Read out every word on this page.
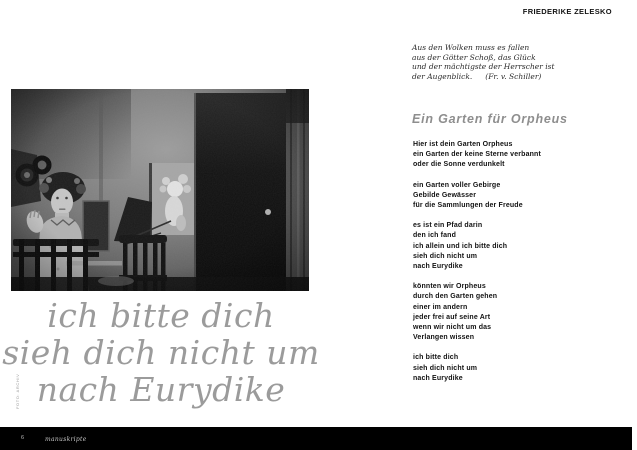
ich bitte dich
sieh dich nicht um
nach Eurydike
FOTO: ARCHIV
FRIEDERIKE ZELESKO
Aus den Wolken muss es fallen
aus der Götter Schoß, das Glück
und der mächtigste der Herrscher ist
der Augenblick. (Fr. v. Schiller)
Ein Garten für Orpheus
Hier ist dein Garten Orpheus
ein Garten der keine Sterne verbannt
oder die Sonne verdunkelt
ein Garten voller Gebirge
Gebilde Gewässer
für die Sammlungen der Freude
es ist ein Pfad darin
den ich fand
ich allein und ich bitte dich
sieh dich nicht um
nach Eurydike
könnten wir Orpheus
durch den Garten gehen
einer im andern
jeder frei auf seine Art
wenn wir nicht um das
Verlangen wissen
ich bitte dich
sieh dich nicht um
nach Eurydike
6	manuskripte
